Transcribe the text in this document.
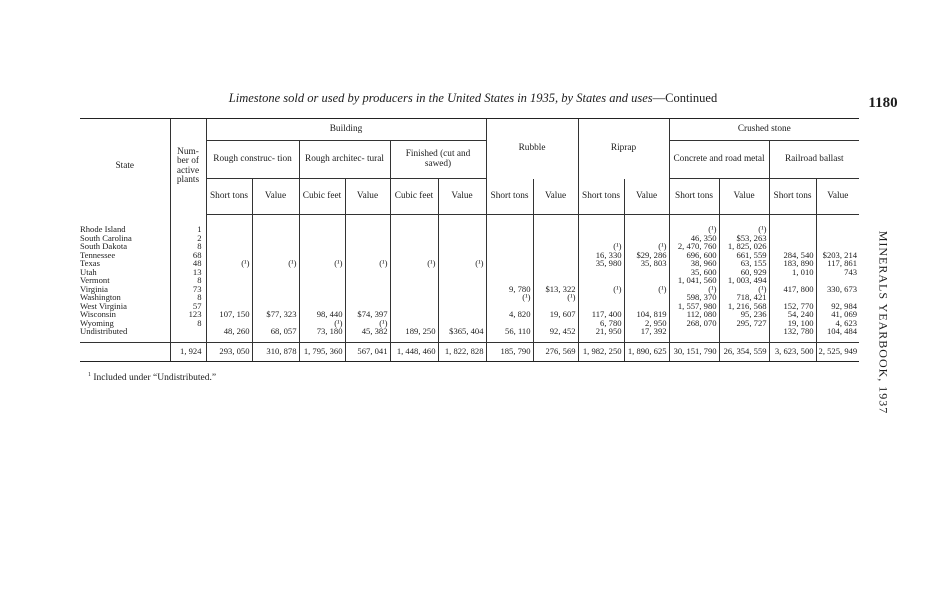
Limestone sold or used by producers in the United States in 1935, by States and uses—Continued	1180
MINERALS YEARBOOK, 1937
State	Num- ber of active plants	Building						Rubble		Riprap		Crushed stone			
		Rough construc- tion		Rough architec- tural		Finished (cut and sawed)						Concrete and road metal		Railroad ballast	
		Short tons	Value	Cubic feet	Value	Cubic feet	Value	Short tons	Value	Short tons	Value	Short tons	Value	Short tons	Value
Rhode Island	1											(¹)	(¹)		
South Carolina	2											46, 350	$53, 263		
South Dakota	8									(¹)	(¹)	2, 470, 760	1, 825, 026		
Tennessee	68									16, 330	$29, 286	696, 600	661, 559	284, 540	$203, 214
Texas	48	(¹)	(¹)	(¹)	(¹)	(¹)	(¹)			35, 980	35, 803	38, 960	63, 155	183, 890	117, 861
Utah	13											35, 600	60, 929	1, 010	743
Vermont	8											1, 041, 560	1, 003, 494		
Virginia	73							9, 780	$13, 322	(¹)	(¹)	(¹)	(¹)	417, 800	330, 673
Washington	8							(¹)	(¹)			598, 370	718, 421		
West Virginia	57											1, 557, 980	1, 216, 568	152, 770	92, 984
Wisconsin	123	107, 150	$77, 323	98, 440	$74, 397			4, 820	19, 607	117, 400	104, 819	112, 080	95, 236	54, 240	41, 069
Wyoming	8			(¹)	(¹)					6, 780	2, 950	268, 070	295, 727	19, 100	4, 623
Undistributed		48, 260	68, 057	73, 180	45, 382	189, 250	$365, 404	56, 110	92, 452	21, 950	17, 392			132, 780	104, 484
	1, 924	293, 050	310, 878	1, 795, 360	567, 041	1, 448, 460	1, 822, 828	185, 790	276, 569	1, 982, 250	1, 890, 625	30, 151, 790	26, 354, 559	3, 623, 500	2, 525, 949
$^1$ Included under “Undistributed.”
